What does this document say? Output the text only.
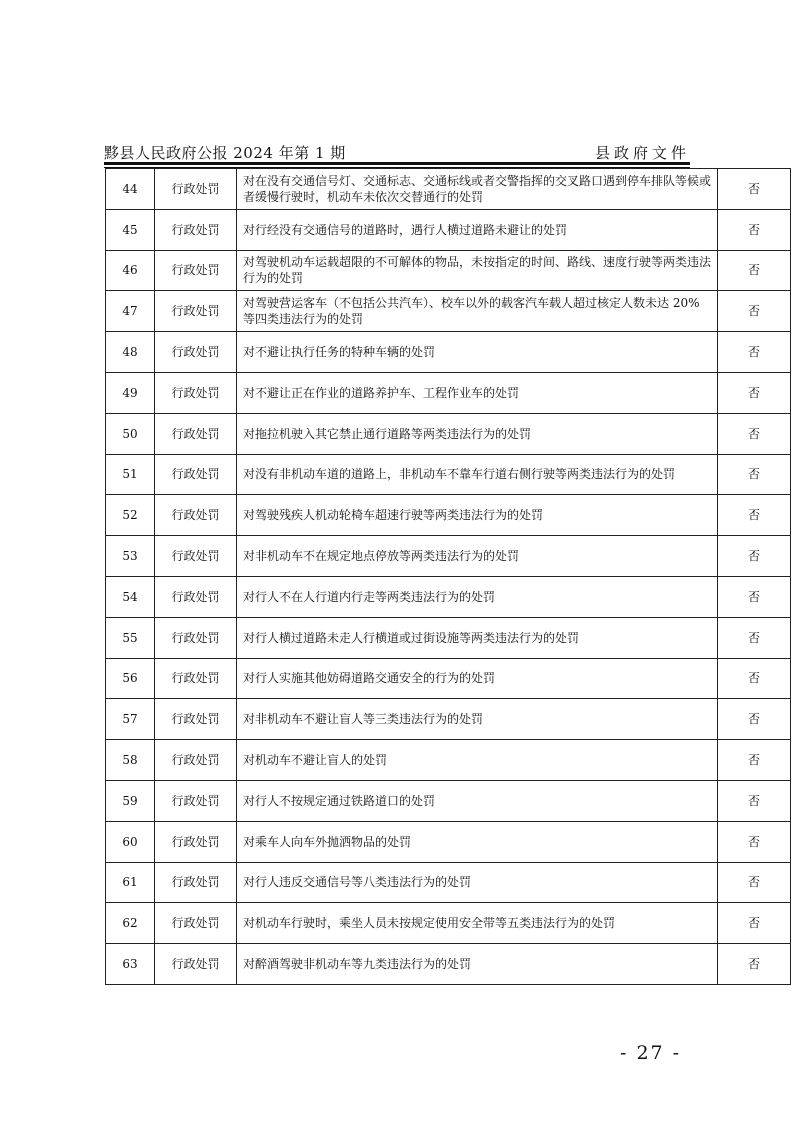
黟县人民政府公报 2024 年第 1 期	县政府文件
44	行政处罚	对在没有交通信号灯、交通标志、交通标线或者交警指挥的交叉路口遇到停车排队等候或者缓慢行驶时，机动车未依次交替通行的处罚	否
45	行政处罚	对行经没有交通信号的道路时，遇行人横过道路未避让的处罚	否
46	行政处罚	对驾驶机动车运载超限的不可解体的物品，未按指定的时间、路线、速度行驶等两类违法行为的处罚	否
47	行政处罚	对驾驶营运客车（不包括公共汽车）、校车以外的载客汽车载人超过核定人数未达 20%等四类违法行为的处罚	否
48	行政处罚	对不避让执行任务的特种车辆的处罚	否
49	行政处罚	对不避让正在作业的道路养护车、工程作业车的处罚	否
50	行政处罚	对拖拉机驶入其它禁止通行道路等两类违法行为的处罚	否
51	行政处罚	对没有非机动车道的道路上，非机动车不靠车行道右侧行驶等两类违法行为的处罚	否
52	行政处罚	对驾驶残疾人机动轮椅车超速行驶等两类违法行为的处罚	否
53	行政处罚	对非机动车不在规定地点停放等两类违法行为的处罚	否
54	行政处罚	对行人不在人行道内行走等两类违法行为的处罚	否
55	行政处罚	对行人横过道路未走人行横道或过街设施等两类违法行为的处罚	否
56	行政处罚	对行人实施其他妨碍道路交通安全的行为的处罚	否
57	行政处罚	对非机动车不避让盲人等三类违法行为的处罚	否
58	行政处罚	对机动车不避让盲人的处罚	否
59	行政处罚	对行人不按规定通过铁路道口的处罚	否
60	行政处罚	对乘车人向车外抛洒物品的处罚	否
61	行政处罚	对行人违反交通信号等八类违法行为的处罚	否
62	行政处罚	对机动车行驶时，乘坐人员未按规定使用安全带等五类违法行为的处罚	否
63	行政处罚	对醉酒驾驶非机动车等九类违法行为的处罚	否
- 27 -
